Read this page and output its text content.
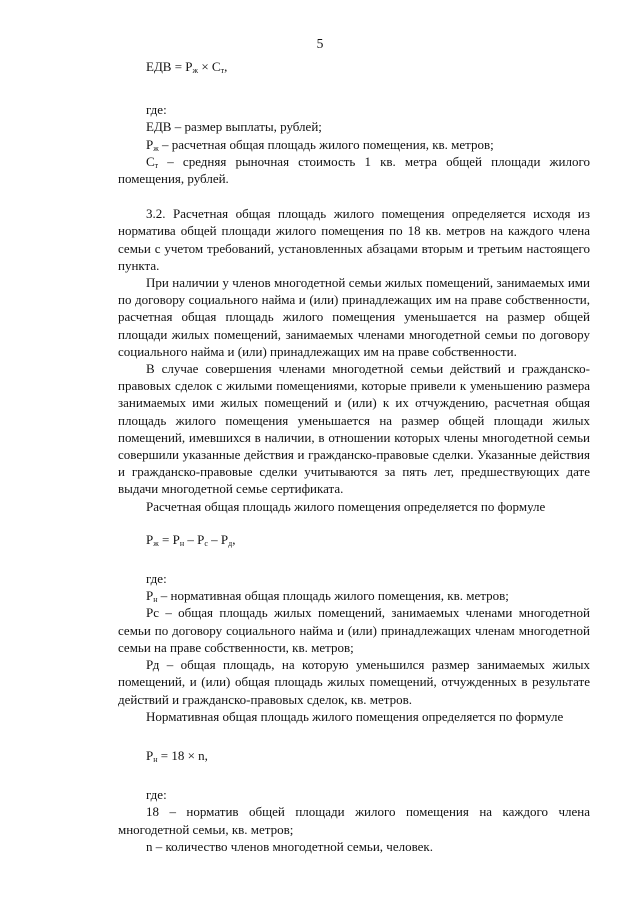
5
ЕДВ = $Р_ж \times С_т$,
где:
ЕДВ – размер выплаты, рублей;
$Р_ж$ – расчетная общая площадь жилого помещения, кв. метров;
$С_т$ – средняя рыночная стоимость 1 кв. метра общей площади жилого помещения, рублей.

3.2. Расчетная общая площадь жилого помещения определяется исходя из норматива общей площади жилого помещения по 18 кв. метров на каждого члена семьи с учетом требований, установленных абзацами вторым и третьим настоящего пункта.

При наличии у членов многодетной семьи жилых помещений, занимаемых ими по договору социального найма и (или) принадлежащих им на праве собственности, расчетная общая площадь жилого помещения уменьшается на размер общей площади жилых помещений, занимаемых членами многодетной семьи по договору социального найма и (или) принадлежащих им на праве собственности.

В случае совершения членами многодетной семьи действий и гражданско-правовых сделок с жилыми помещениями, которые привели к уменьшению размера занимаемых ими жилых помещений и (или) к их отчуждению, расчетная общая площадь жилого помещения уменьшается на размер общей площади жилых помещений, имевшихся в наличии, в отношении которых члены многодетной семьи совершили указанные действия и гражданско-правовые сделки. Указанные действия и гражданско-правовые сделки учитываются за пять лет, предшествующих дате выдачи многодетной семье сертификата.

Расчетная общая площадь жилого помещения определяется по формуле

$Р_ж = Р_н - Р_с - Р_д$,
где:
$Р_н$ – нормативная общая площадь жилого помещения, кв. метров;

Рс – общая площадь жилых помещений, занимаемых членами многодетной семьи по договору социального найма и (или) принадлежащих членам многодетной семьи на праве собственности, кв. метров;

Рд – общая площадь, на которую уменьшился размер занимаемых жилых помещений, и (или) общая площадь жилых помещений, отчужденных в результате действий и гражданско-правовых сделок, кв. метров.

Нормативная общая площадь жилого помещения определяется по формуле

$Р_н = 18 \times n$,
где:

18 – норматив общей площади жилого помещения на каждого члена многодетной семьи, кв. метров;

n – количество членов многодетной семьи, человек.
